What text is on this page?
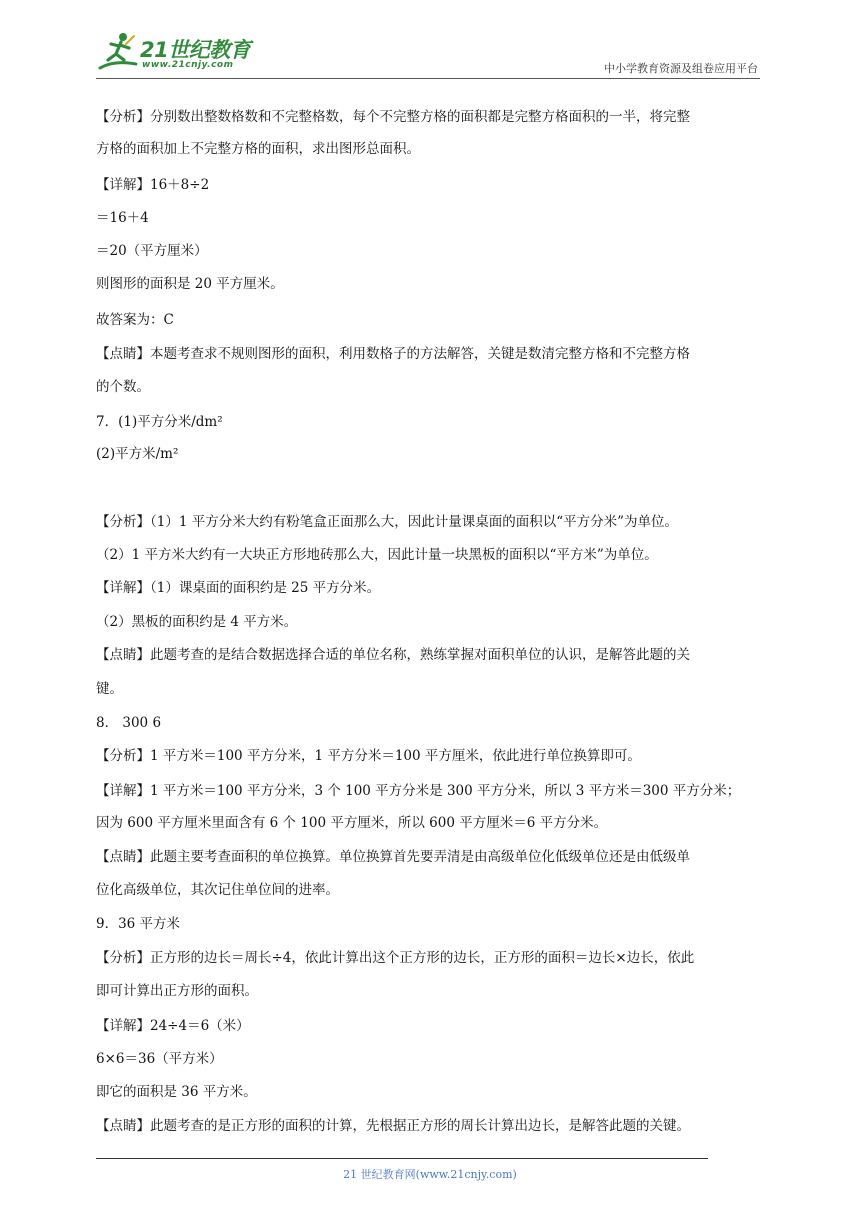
21世纪教育
www.21cnjy.com	中小学教育资源及组卷应用平台
【分析】分别数出整数格数和不完整格数，每个不完整方格的面积都是完整方格面积的一半，将完整
方格的面积加上不完整方格的面积，求出图形总面积。
【详解】16＋8÷2
＝16＋4
＝20（平方厘米）
则图形的面积是 20 平方厘米。
故答案为：C
【点睛】本题考查求不规则图形的面积，利用数格子的方法解答，关键是数清完整方格和不完整方格
的个数。
7．(1)平方分米/dm²
(2)平方米/m²
【分析】（1）1 平方分米大约有粉笔盒正面那么大，因此计量课桌面的面积以“平方分米”为单位。
（2）1 平方米大约有一大块正方形地砖那么大，因此计量一块黑板的面积以“平方米”为单位。
【详解】（1）课桌面的面积约是 25 平方分米。
（2）黑板的面积约是 4 平方米。
【点睛】此题考查的是结合数据选择合适的单位名称，熟练掌握对面积单位的认识，是解答此题的关
键。
8． 300 6
【分析】1 平方米＝100 平方分米，1 平方分米＝100 平方厘米，依此进行单位换算即可。
【详解】1 平方米＝100 平方分米，3 个 100 平方分米是 300 平方分米，所以 3 平方米＝300 平方分米；
因为 600 平方厘米里面含有 6 个 100 平方厘米，所以 600 平方厘米＝6 平方分米。
【点睛】此题主要考查面积的单位换算。单位换算首先要弄清是由高级单位化低级单位还是由低级单
位化高级单位，其次记住单位间的进率。
9．36 平方米
【分析】正方形的边长＝周长÷4，依此计算出这个正方形的边长，正方形的面积＝边长×边长，依此
即可计算出正方形的面积。
【详解】24÷4＝6（米）
6×6＝36（平方米）
即它的面积是 36 平方米。
【点睛】此题考查的是正方形的面积的计算，先根据正方形的周长计算出边长，是解答此题的关键。
21 世纪教育网(www.21cnjy.com)
